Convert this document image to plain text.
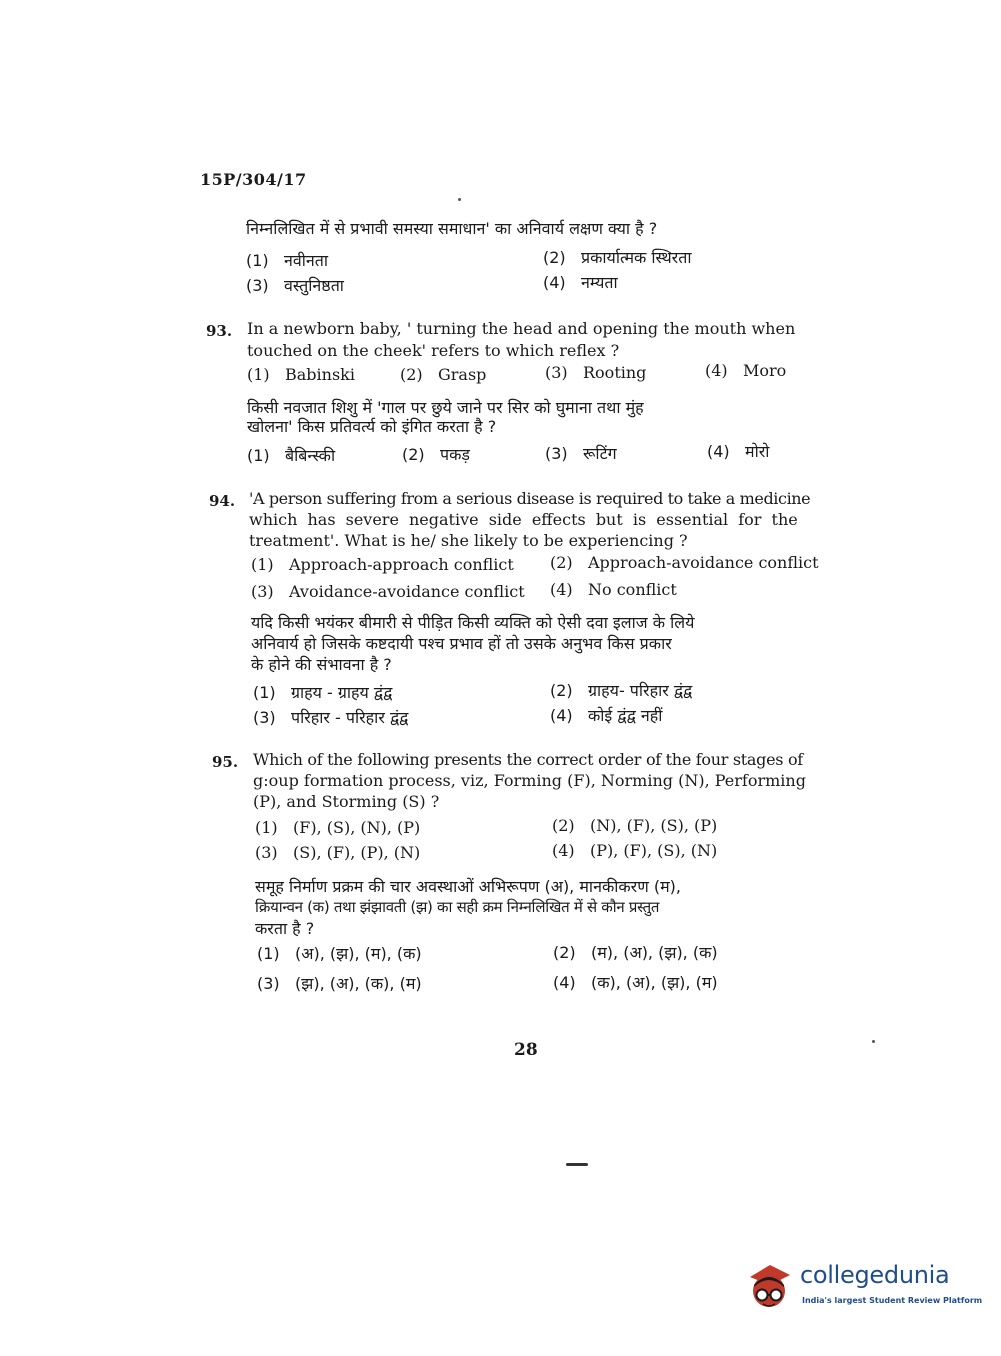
15P/304/17
निम्नलिखित में से प्रभावी समस्या समाधान' का अनिवार्य लक्षण क्या है ?
(1) नवीनता	(2) प्रकार्यात्मक स्थिरता
(3) वस्तुनिष्ठता	(4) नम्यता
93. In a newborn baby, ' turning the head and opening the mouth when
touched on the cheek' refers to which reflex ?
(1) Babinski	(2) Grasp	(3) Rooting	(4) Moro
किसी नवजात शिशु में 'गाल पर छुये जाने पर सिर को घुमाना तथा मुंह
खोलना' किस प्रतिवर्त्य को इंगित करता है ?
(1) बैबिन्स्की	(2) पकड़	(3) रूटिंग	(4) मोरो
94. 'A person suffering from a serious disease is required to take a medicine
which has severe negative side effects but is essential for the
treatment'. What is he/ she likely to be experiencing ?
(1) Approach-approach conflict (2) Approach-avoidance conflict
(3) Avoidance-avoidance conflict (4) No conflict
यदि किसी भयंकर बीमारी से पीड़ित किसी व्यक्ति को ऐसी दवा इलाज के लिये
अनिवार्य हो जिसके कष्टदायी पश्च प्रभाव हों तो उसके अनुभव किस प्रकार
के होने की संभावना है ?
(1) ग्राहय - ग्राहय द्वंद्व	(2) ग्राहय- परिहार द्वंद्व
(3) परिहार - परिहार द्वंद्व	(4) कोई द्वंद्व नहीं
95. Which of the following presents the correct order of the four stages of
g:oup formation process, viz, Forming (F), Norming (N), Performing
(P), and Storming (S) ?
(1) (F), (S), (N), (P)	(2) (N), (F), (S), (P)
(3) (S), (F), (P), (N)	(4) (P), (F), (S), (N)
समूह निर्माण प्रक्रम की चार अवस्थाओं अभिरूपण (अ), मानकीकरण (म),
क्रियान्वन (क) तथा झंझावती (झ) का सही क्रम निम्नलिखित में से कौन प्रस्तुत
करता है ?
(1) (अ), (झ), (म), (क)	(2) (म), (अ), (झ), (क)
(3) (झ), (अ), (क), (म)	(4) (क), (अ), (झ), (म)
28
collegedunia
India's largest Student Review Platform
